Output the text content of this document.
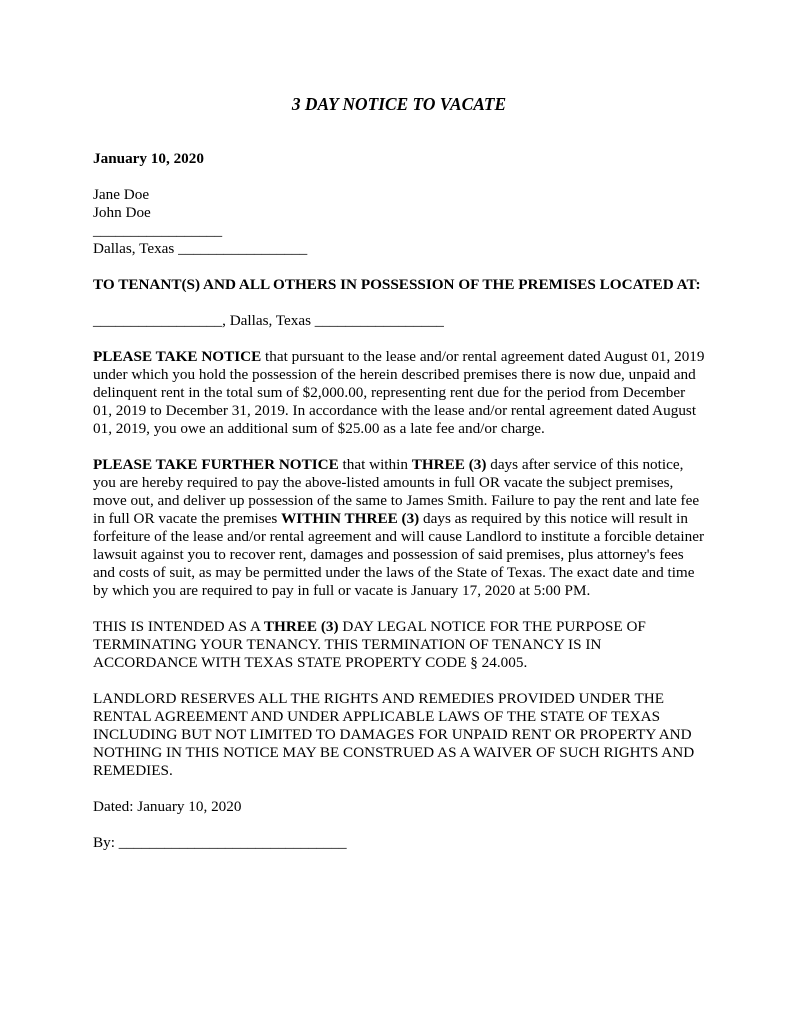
3 DAY NOTICE TO VACATE
January 10, 2020
Jane Doe
John Doe
_________________
Dallas, Texas _________________
TO TENANT(S) AND ALL OTHERS IN POSSESSION OF THE PREMISES LOCATED AT:
_________________, Dallas, Texas _________________
PLEASE TAKE NOTICE that pursuant to the lease and/or rental agreement dated August 01, 2019 under which you hold the possession of the herein described premises there is now due, unpaid and delinquent rent in the total sum of $2,000.00, representing rent due for the period from December 01, 2019 to December 31, 2019. In accordance with the lease and/or rental agreement dated August 01, 2019, you owe an additional sum of $25.00 as a late fee and/or charge.
PLEASE TAKE FURTHER NOTICE that within THREE (3) days after service of this notice, you are hereby required to pay the above-listed amounts in full OR vacate the subject premises, move out, and deliver up possession of the same to James Smith. Failure to pay the rent and late fee in full OR vacate the premises WITHIN THREE (3) days as required by this notice will result in forfeiture of the lease and/or rental agreement and will cause Landlord to institute a forcible detainer lawsuit against you to recover rent, damages and possession of said premises, plus attorney's fees and costs of suit, as may be permitted under the laws of the State of Texas. The exact date and time by which you are required to pay in full or vacate is January 17, 2020 at 5:00 PM.
THIS IS INTENDED AS A THREE (3) DAY LEGAL NOTICE FOR THE PURPOSE OF TERMINATING YOUR TENANCY. THIS TERMINATION OF TENANCY IS IN ACCORDANCE WITH TEXAS STATE PROPERTY CODE § 24.005.
LANDLORD RESERVES ALL THE RIGHTS AND REMEDIES PROVIDED UNDER THE RENTAL AGREEMENT AND UNDER APPLICABLE LAWS OF THE STATE OF TEXAS INCLUDING BUT NOT LIMITED TO DAMAGES FOR UNPAID RENT OR PROPERTY AND NOTHING IN THIS NOTICE MAY BE CONSTRUED AS A WAIVER OF SUCH RIGHTS AND REMEDIES.
Dated: January 10, 2020
By: ______________________________
